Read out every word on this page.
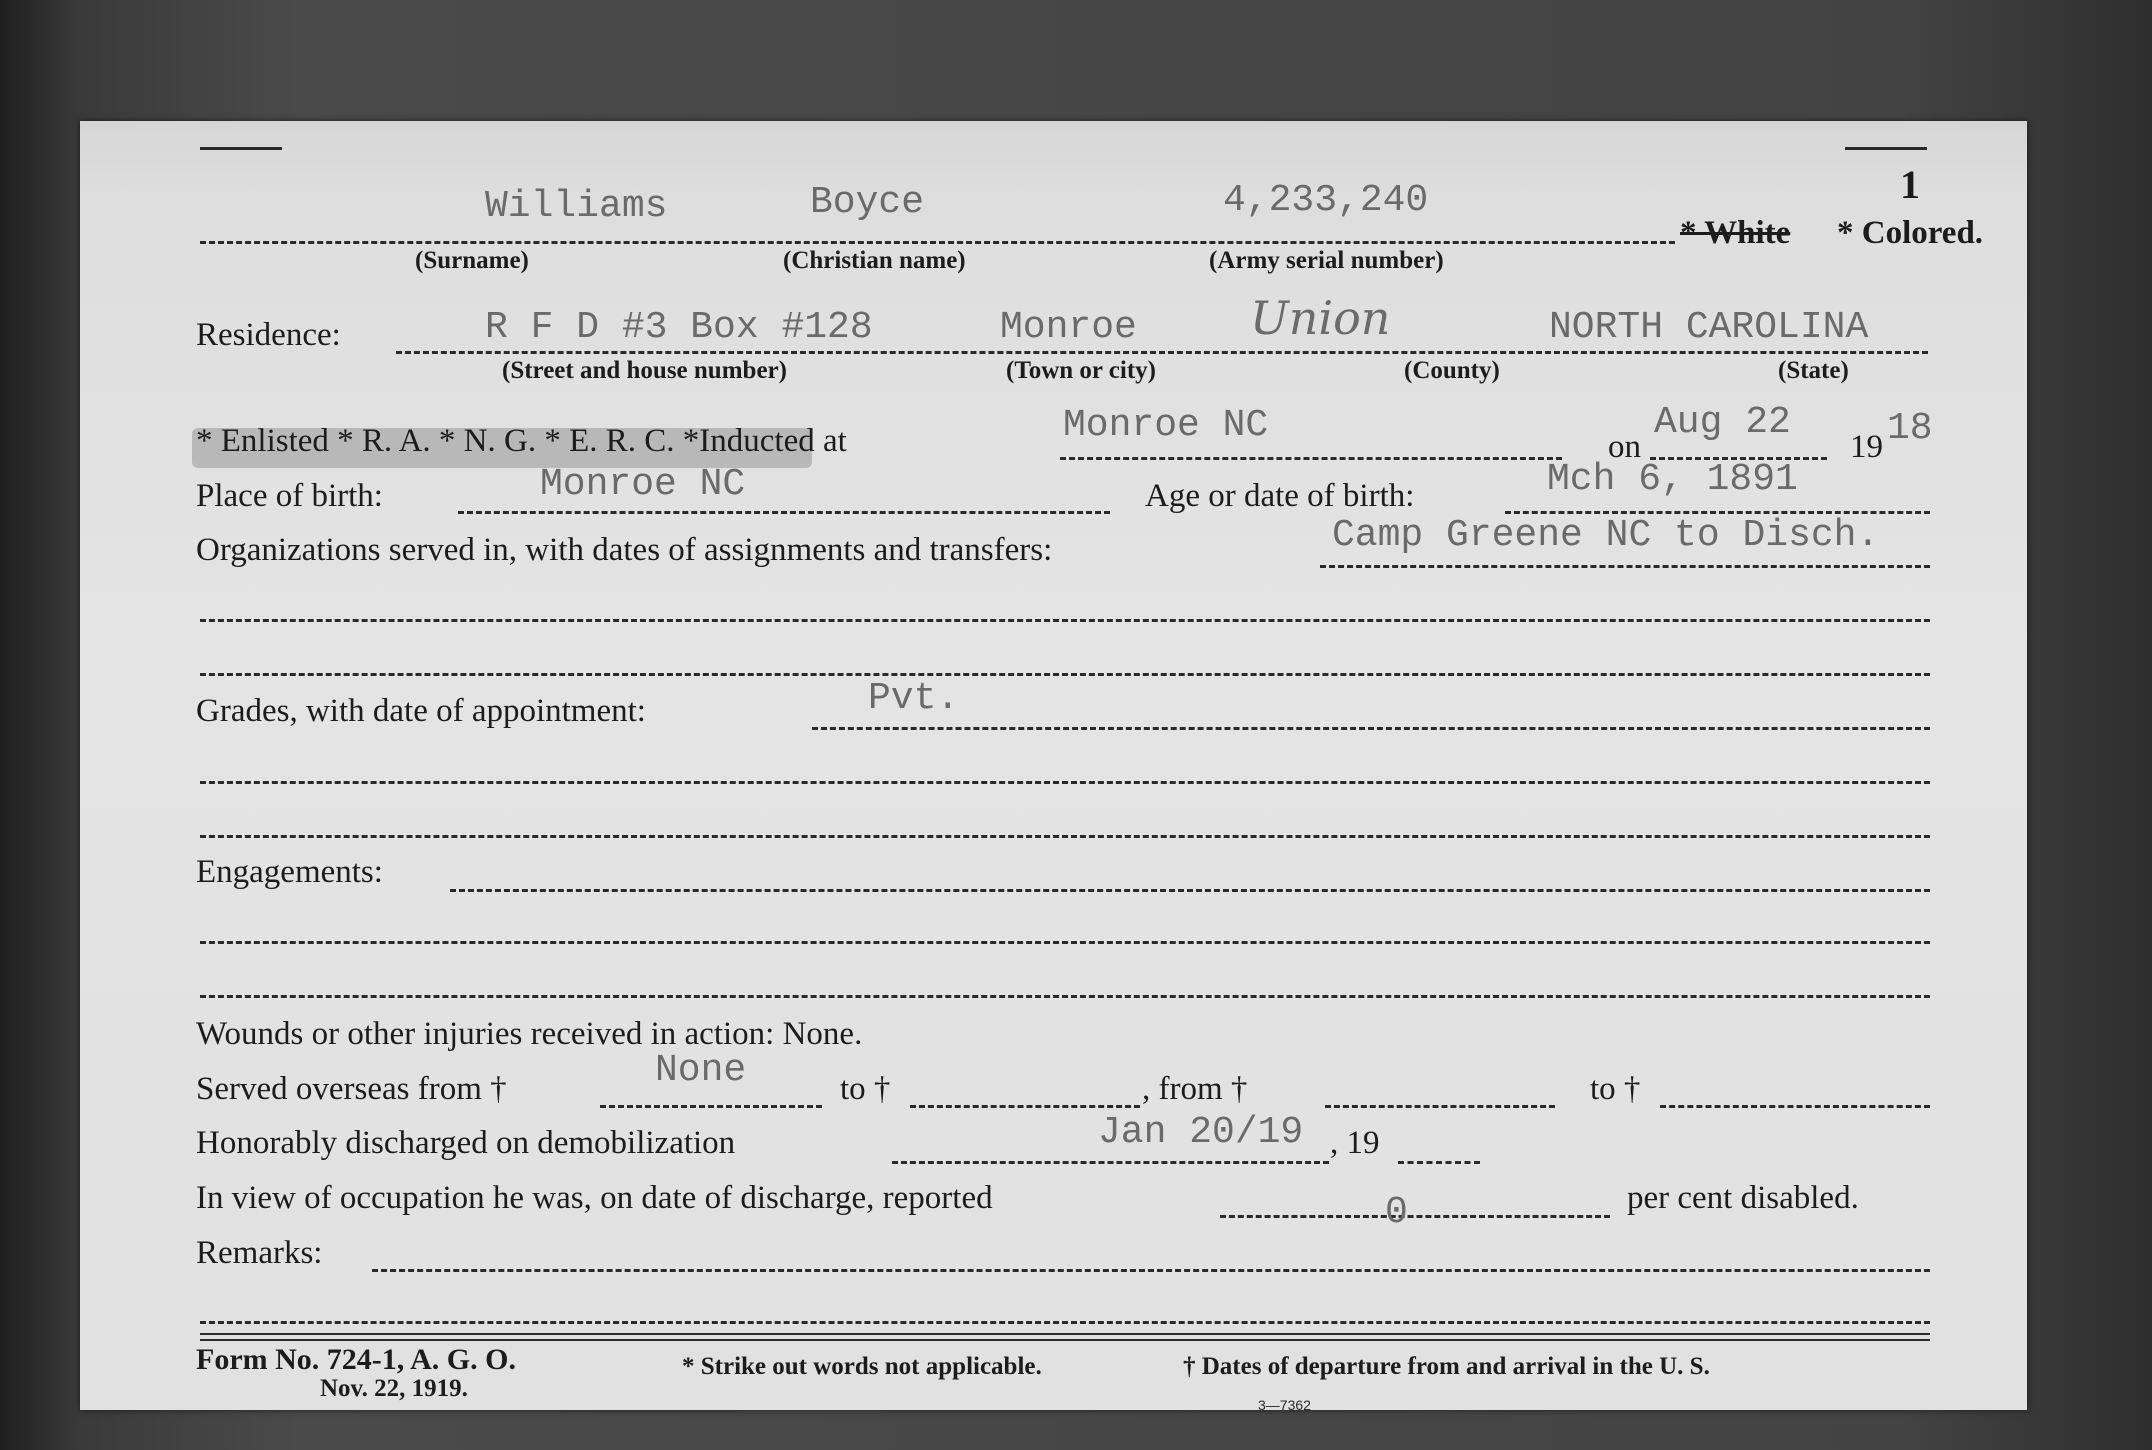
1
Williams	Boyce	4,233,240
* White * Colored.
(Surname)	(Christian name)	(Army serial number)
Residence:	R F D #3 Box #128	Monroe Union	NORTH CAROLINA
(Street and house number)	(Town or city)	(County)	(State)
* Enlisted * R. A. * N. G. * E. R. C. *Inducted at	Monroe NC	on
Aug 22
19 18
Place of birth:	Monroe NC	Age or date of birth:	Mch 6, 1891
Organizations served in, with dates of assignments and transfers:	Camp Greene NC to Disch.
Grades, with date of appointment:	Pvt.
Engagements:
Wounds or other injuries received in action: None.
Served overseas from †	None	to †	, from †	to †
Honorably discharged on demobilization	Jan 20/19 , 19
In view of occupation he was, on date of discharge, reported	0	per cent disabled.
Remarks:
Form No. 724-1, A. G. O.
Nov. 22, 1919.
* Strike out words not applicable.	† Dates of departure from and arrival in the U. S.
3—7362
